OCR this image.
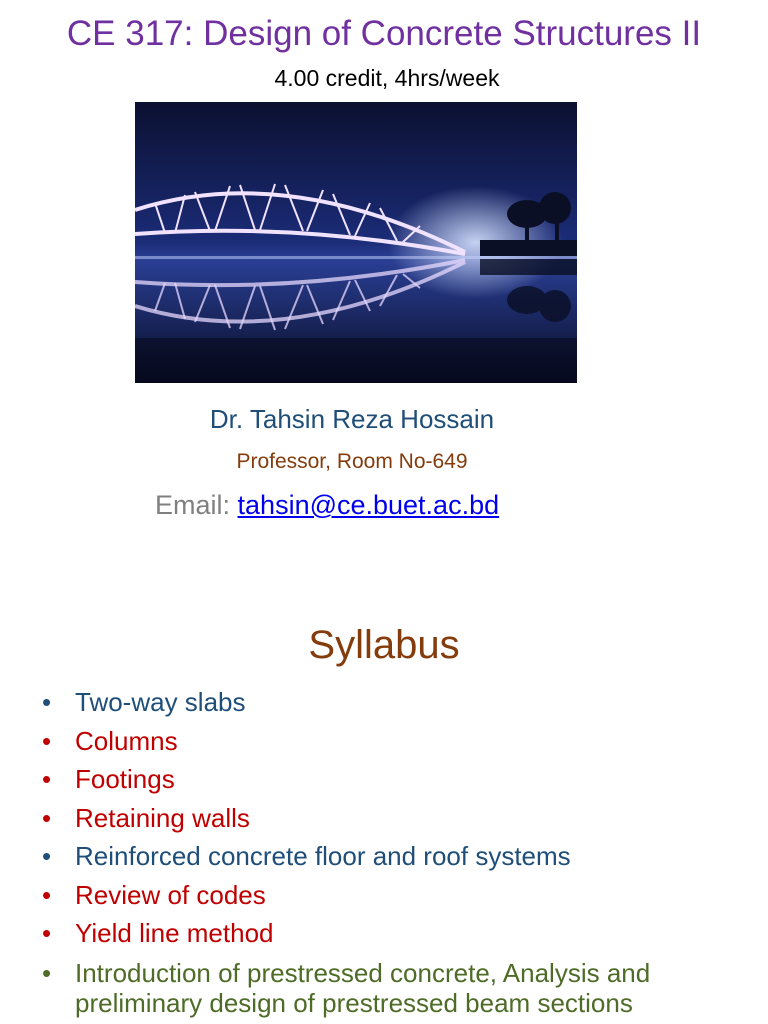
CE 317: Design of Concrete Structures II
4.00 credit, 4hrs/week
Dr. Tahsin Reza Hossain
Professor, Room No-649
Email: tahsin@ce.buet.ac.bd
Syllabus
• Two-way slabs
• Columns
• Footings
• Retaining walls
• Reinforced concrete floor and roof systems
• Review of codes
• Yield line method
• Introduction of prestressed concrete, Analysis and preliminary design of prestressed beam sections
